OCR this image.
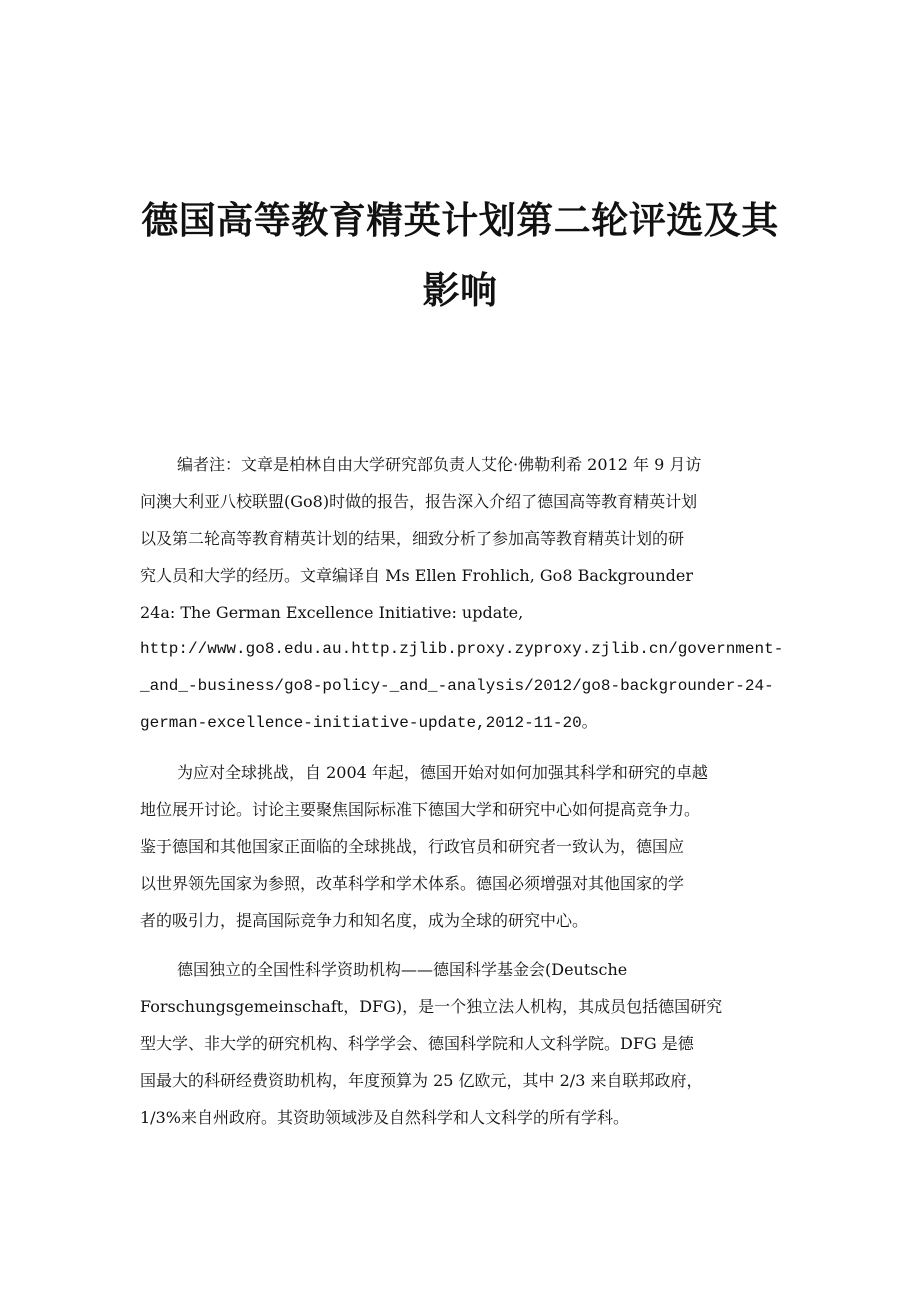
德国高等教育精英计划第二轮评选及其
影响
编者注：文章是柏林自由大学研究部负责人艾伦·佛勒利希 2012 年 9 月访
问澳大利亚八校联盟(Go8)时做的报告，报告深入介绍了德国高等教育精英计划
以及第二轮高等教育精英计划的结果，细致分析了参加高等教育精英计划的研
究人员和大学的经历。文章编译自 Ms Ellen Frohlich, Go8 Backgrounder
24a: The German Excellence Initiative: update,
http://www.go8.edu.au.http.zjlib.proxy.zyproxy.zjlib.cn/government-
_and_-business/go8-policy-_and_-analysis/2012/go8-backgrounder-24-
german-excellence-initiative-update,2012-11-20。
为应对全球挑战，自 2004 年起，德国开始对如何加强其科学和研究的卓越
地位展开讨论。讨论主要聚焦国际标准下德国大学和研究中心如何提高竞争力。
鉴于德国和其他国家正面临的全球挑战，行政官员和研究者一致认为，德国应
以世界领先国家为参照，改革科学和学术体系。德国必须增强对其他国家的学
者的吸引力，提高国际竞争力和知名度，成为全球的研究中心。
德国独立的全国性科学资助机构——德国科学基金会(Deutsche
Forschungsgemeinschaft，DFG)，是一个独立法人机构，其成员包括德国研究
型大学、非大学的研究机构、科学学会、德国科学院和人文科学院。DFG 是德
国最大的科研经费资助机构，年度预算为 25 亿欧元，其中 2/3 来自联邦政府，
1/3%来自州政府。其资助领域涉及自然科学和人文科学的所有学科。
